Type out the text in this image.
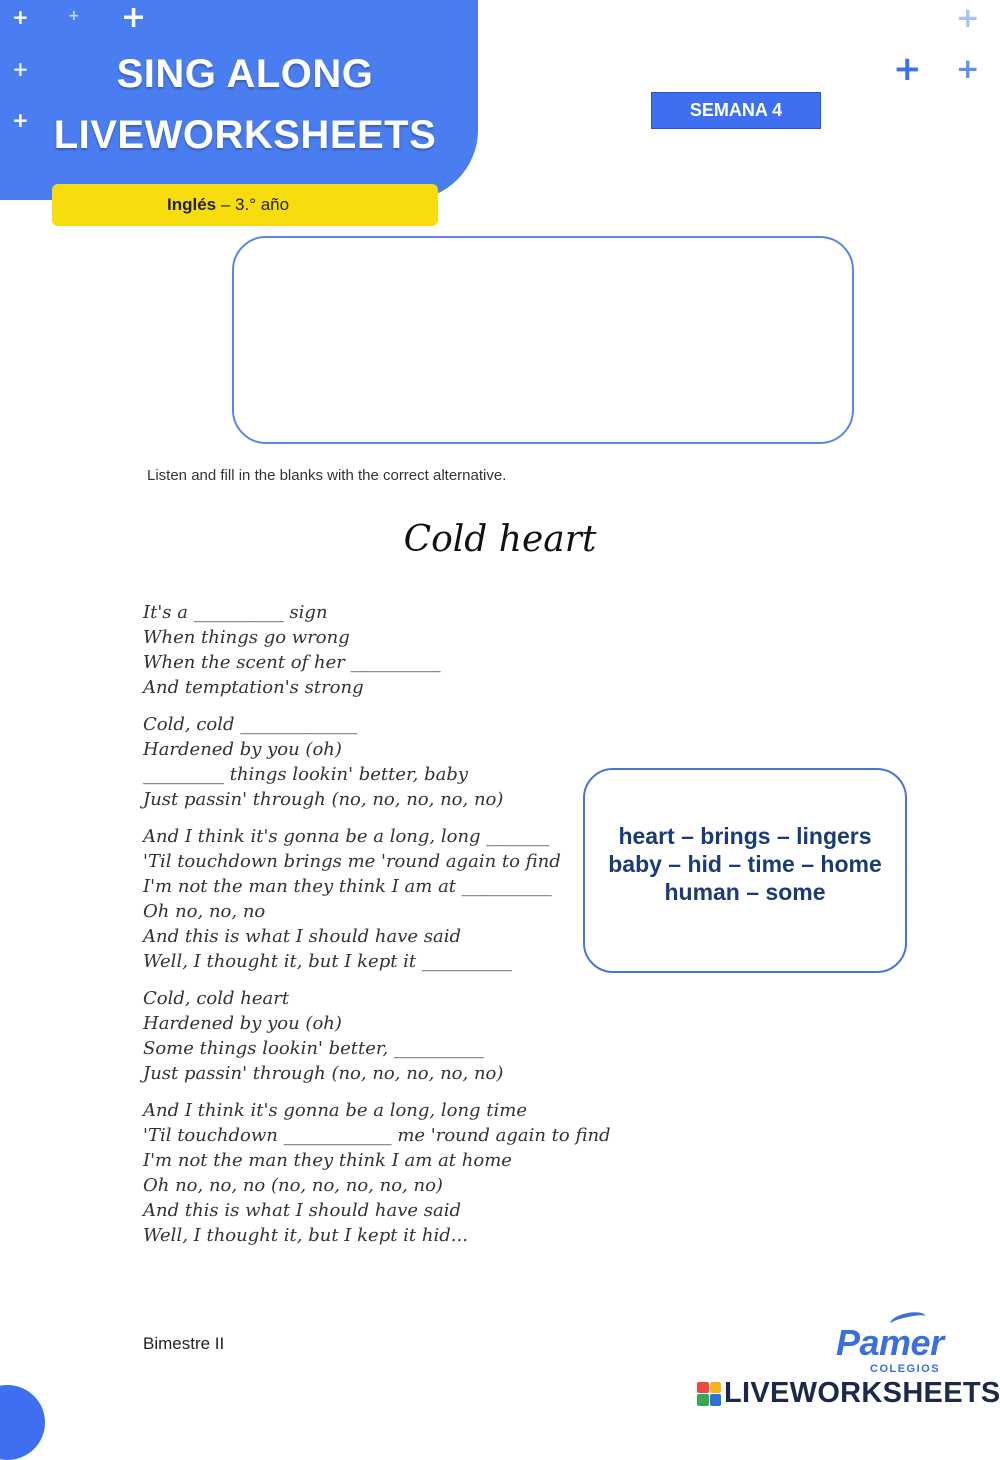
+	+ +
+
+
+
+ +
SING ALONG
LIVEWORKSHEETS
Inglés – 3.° año
SEMANA 4
Listen and fill in the blanks with the correct alternative.
Cold heart
It's a __________ sign
When things go wrong
When the scent of her __________
And temptation's strong
Cold, cold _____________
Hardened by you (oh)
_________ things lookin' better, baby
Just passin' through (no, no, no, no, no)
And I think it's gonna be a long, long _______
'Til touchdown brings me 'round again to find
I'm not the man they think I am at __________
Oh no, no, no
And this is what I should have said
Well, I thought it, but I kept it __________
Cold, cold heart
Hardened by you (oh)
Some things lookin' better, __________
Just passin' through (no, no, no, no, no)
And I think it's gonna be a long, long time
'Til touchdown ____________ me 'round again to find
I'm not the man they think I am at home
Oh no, no, no (no, no, no, no, no)
And this is what I should have said
Well, I thought it, but I kept it hid...
heart – brings – lingers
baby – hid – time – home
human – some
Bimestre II	Pamer
COLEGIOS
LIVEWORKSHEETS
